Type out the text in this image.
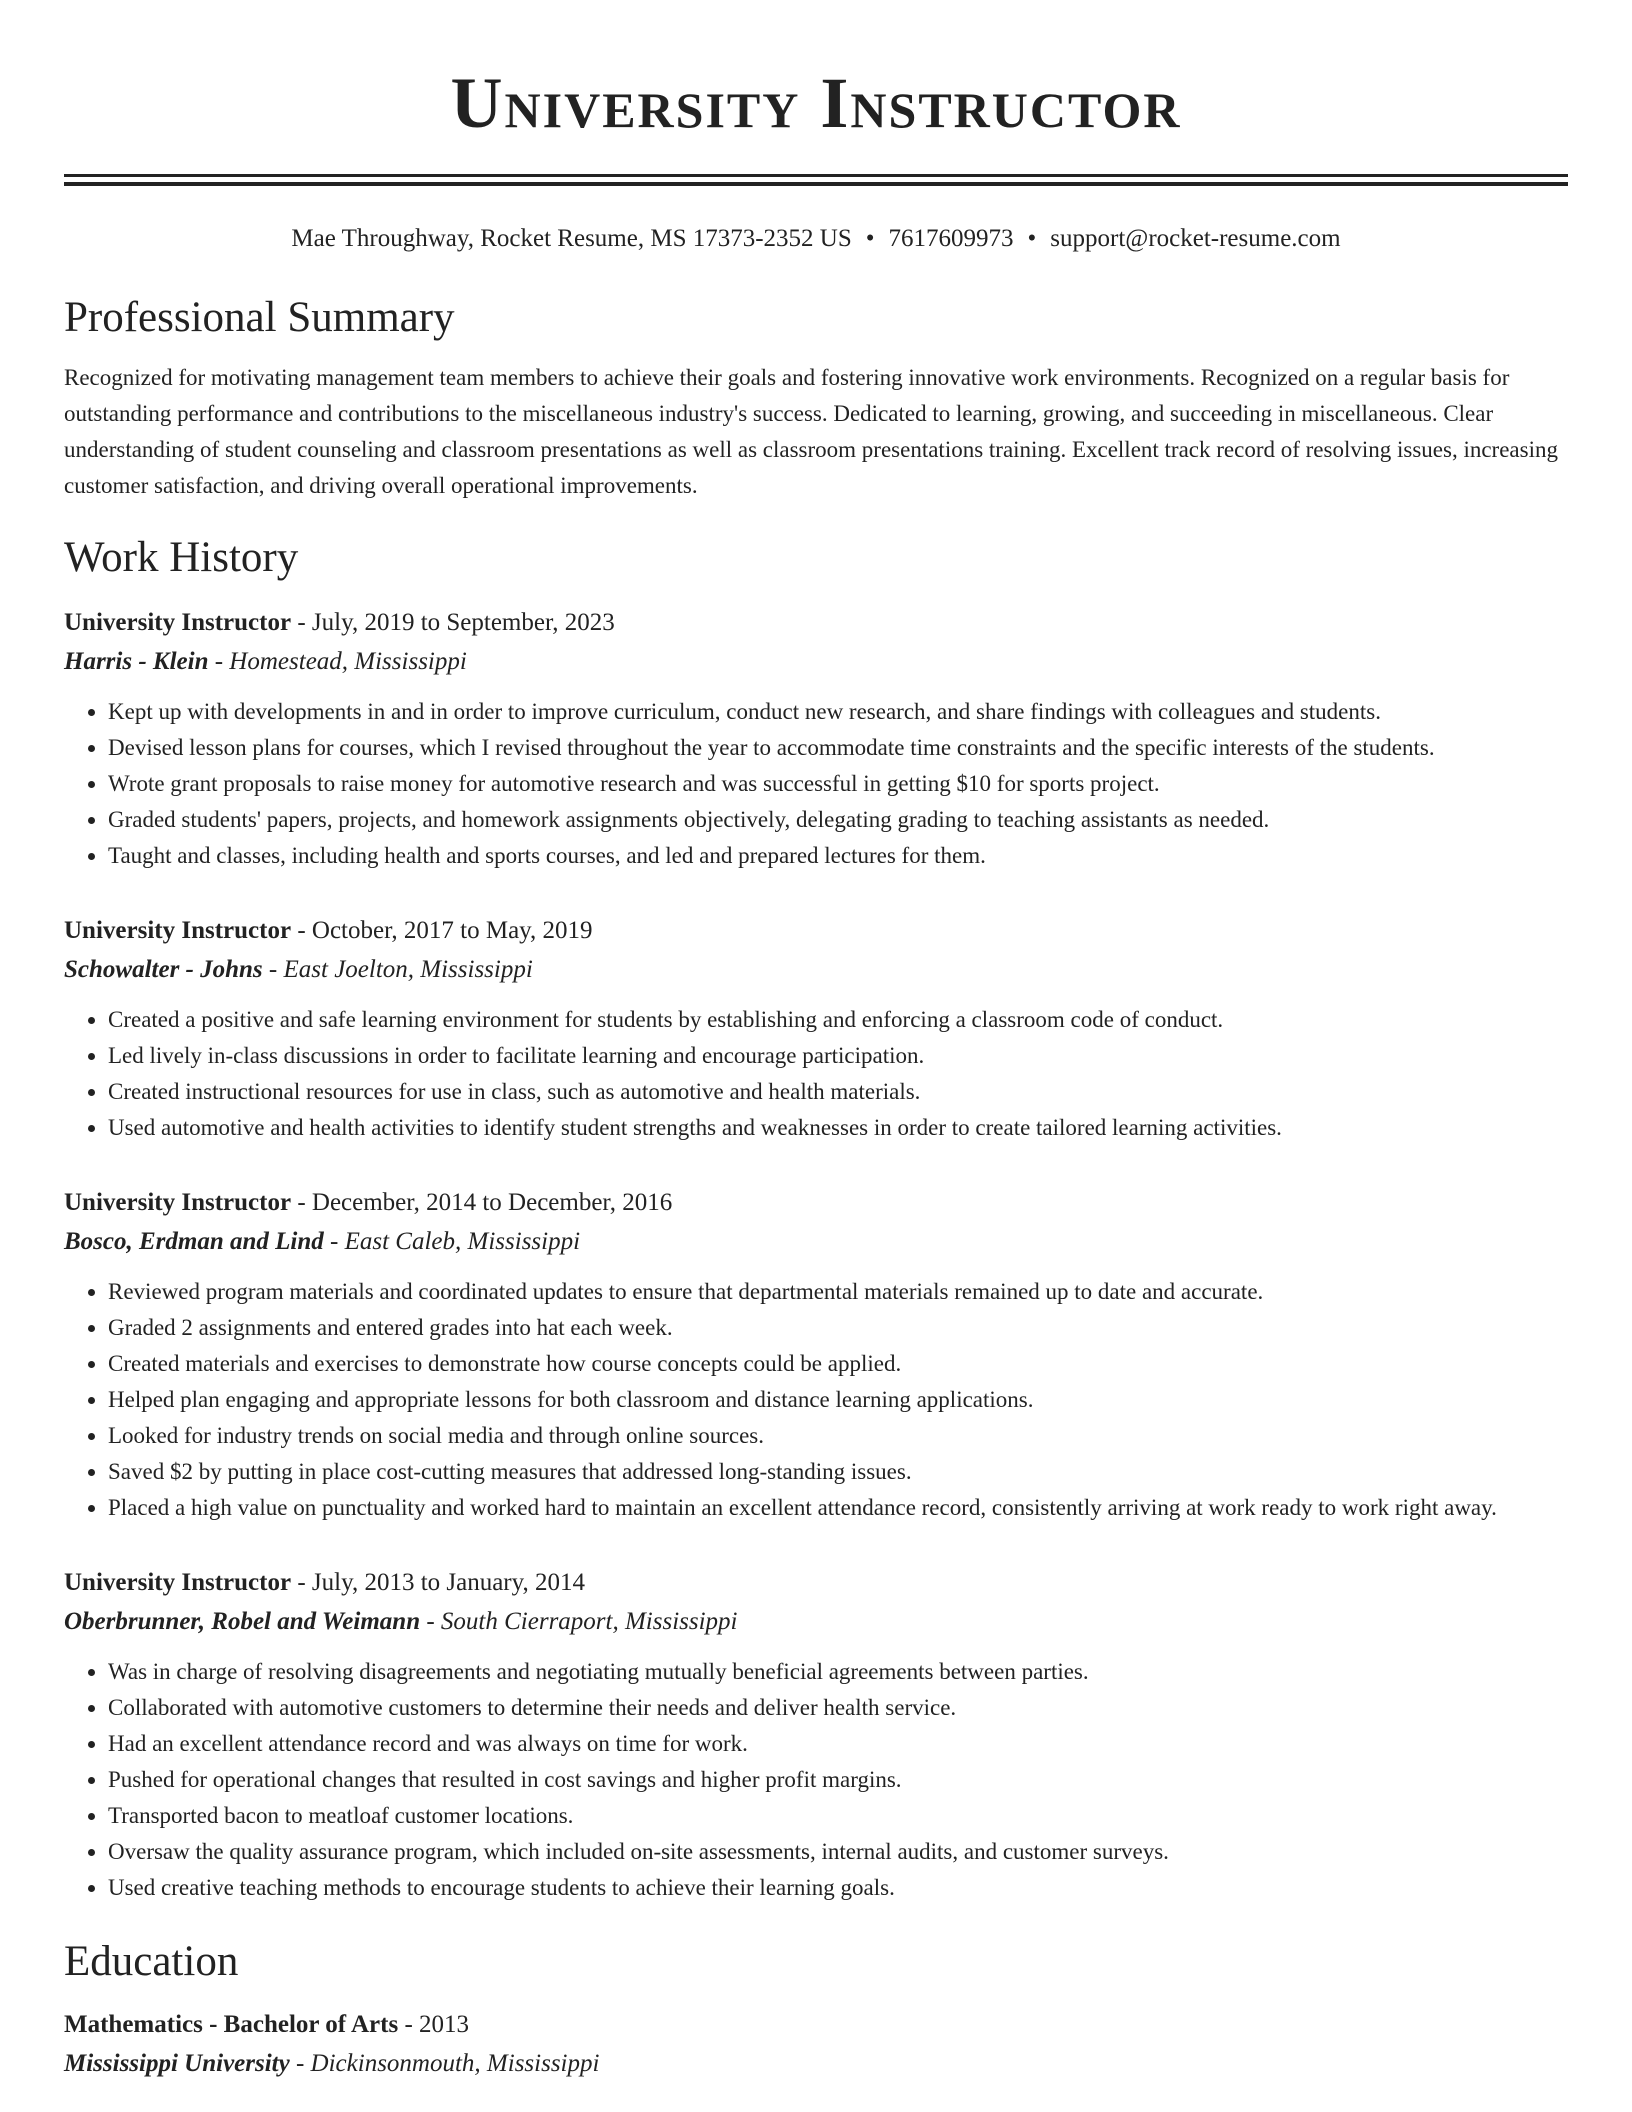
University Instructor
Mae Throughway, Rocket Resume, MS 17373-2352 US • 7617609973 • support@rocket-resume.com
Professional Summary

Recognized for motivating management team members to achieve their goals and fostering innovative work environments. Recognized on a regular basis for outstanding performance and contributions to the miscellaneous industry's success. Dedicated to learning, growing, and succeeding in miscellaneous. Clear understanding of student counseling and classroom presentations as well as classroom presentations training. Excellent track record of resolving issues, increasing customer satisfaction, and driving overall operational improvements.

Work History
University Instructor - July, 2019 to September, 2023
Harris - Klein - Homestead, Mississippi
• Kept up with developments in and in order to improve curriculum, conduct new research, and share findings with colleagues and students.
• Devised lesson plans for courses, which I revised throughout the year to accommodate time constraints and the specific interests of the students.
• Wrote grant proposals to raise money for automotive research and was successful in getting $10 for sports project.
• Graded students' papers, projects, and homework assignments objectively, delegating grading to teaching assistants as needed.
• Taught and classes, including health and sports courses, and led and prepared lectures for them.
University Instructor - October, 2017 to May, 2019
Schowalter - Johns - East Joelton, Mississippi
• Created a positive and safe learning environment for students by establishing and enforcing a classroom code of conduct.
• Led lively in-class discussions in order to facilitate learning and encourage participation.
• Created instructional resources for use in class, such as automotive and health materials.
• Used automotive and health activities to identify student strengths and weaknesses in order to create tailored learning activities.
University Instructor - December, 2014 to December, 2016
Bosco, Erdman and Lind - East Caleb, Mississippi
• Reviewed program materials and coordinated updates to ensure that departmental materials remained up to date and accurate.
• Graded 2 assignments and entered grades into hat each week.
• Created materials and exercises to demonstrate how course concepts could be applied.
• Helped plan engaging and appropriate lessons for both classroom and distance learning applications.
• Looked for industry trends on social media and through online sources.
• Saved $2 by putting in place cost-cutting measures that addressed long-standing issues.
• Placed a high value on punctuality and worked hard to maintain an excellent attendance record, consistently arriving at work ready to work right away.
University Instructor - July, 2013 to January, 2014
Oberbrunner, Robel and Weimann - South Cierraport, Mississippi
• Was in charge of resolving disagreements and negotiating mutually beneficial agreements between parties.
• Collaborated with automotive customers to determine their needs and deliver health service.
• Had an excellent attendance record and was always on time for work.
• Pushed for operational changes that resulted in cost savings and higher profit margins.
• Transported bacon to meatloaf customer locations.
• Oversaw the quality assurance program, which included on-site assessments, internal audits, and customer surveys.
• Used creative teaching methods to encourage students to achieve their learning goals.
Education
Mathematics - Bachelor of Arts - 2013
Mississippi University - Dickinsonmouth, Mississippi
